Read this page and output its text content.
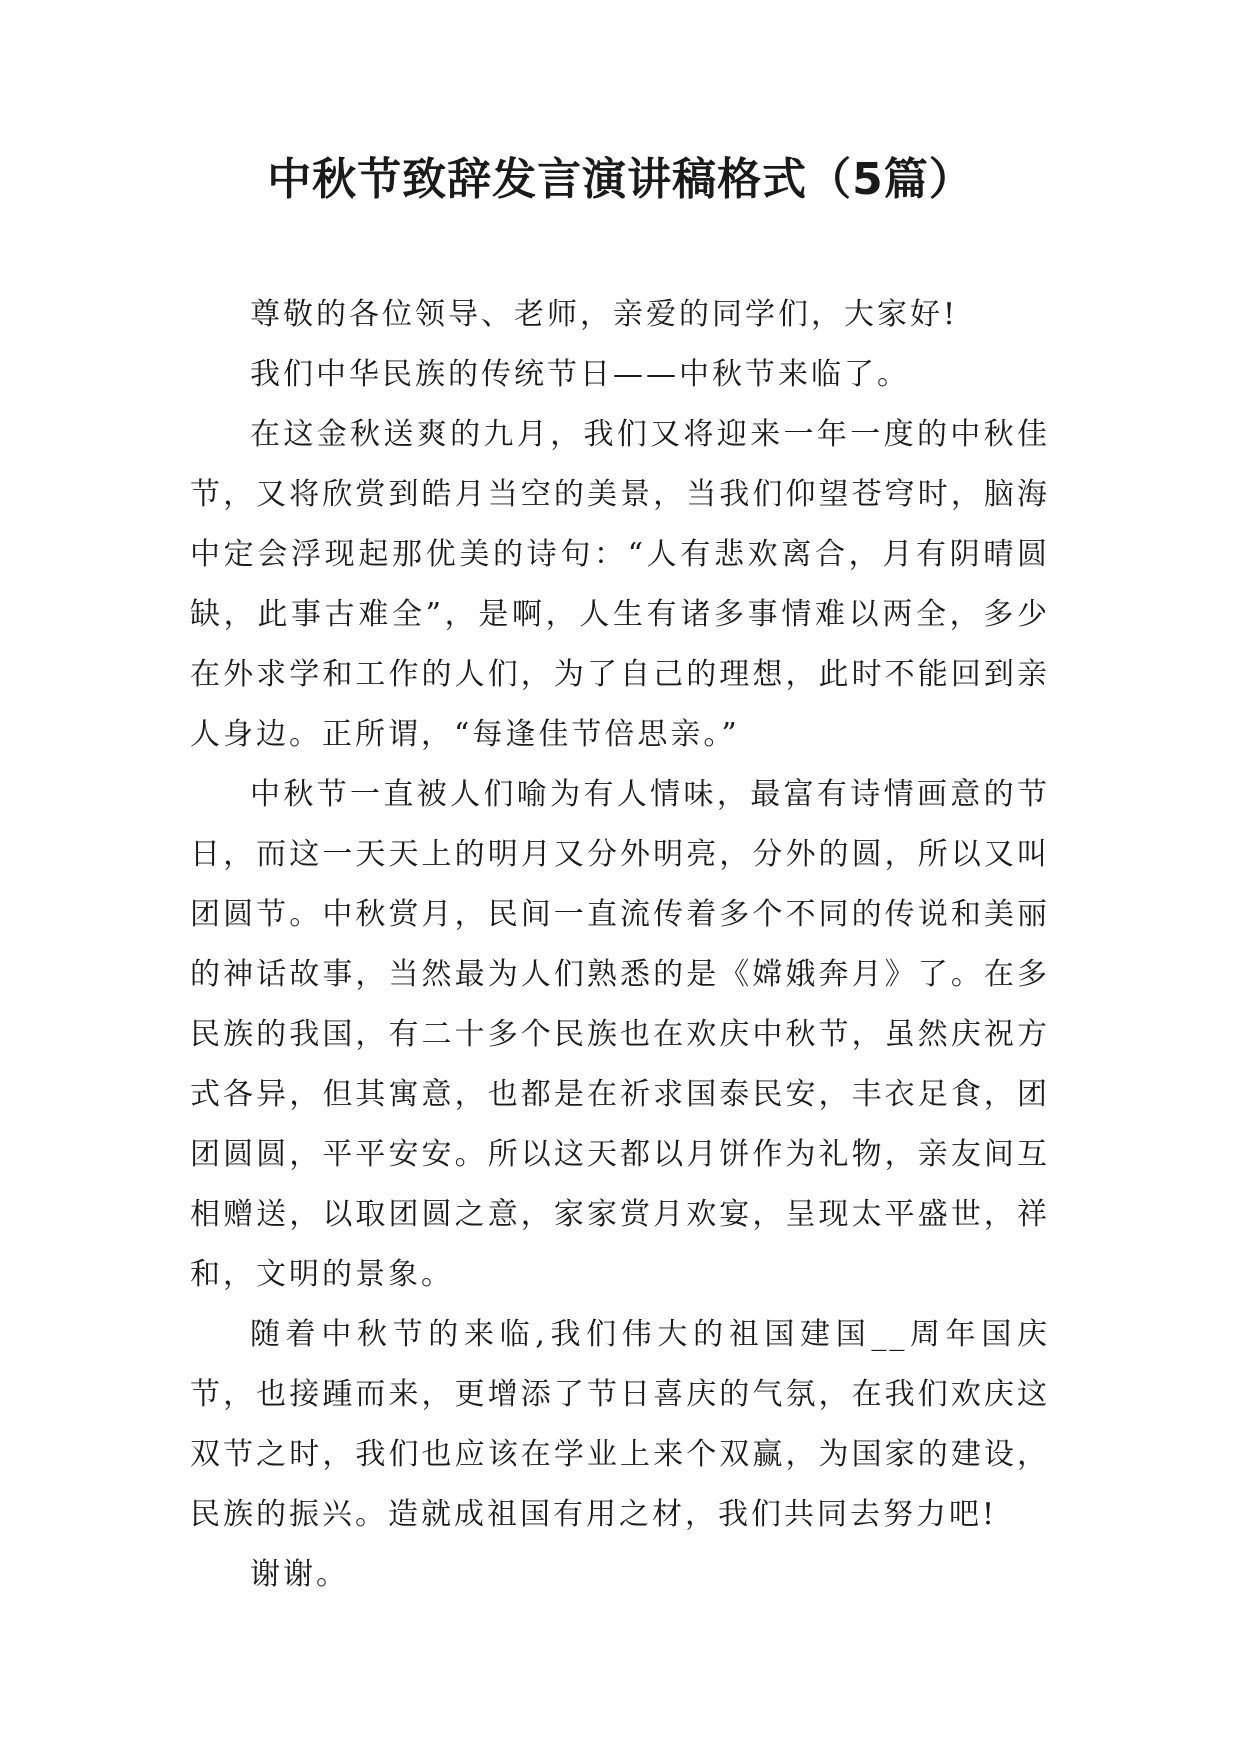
中秋节致辞发言演讲稿格式（5篇）

尊敬的各位领导、老师，亲爱的同学们，大家好!

我们中华民族的传统节日——中秋节来临了。

在这金秋送爽的九月，我们又将迎来一年一度的中秋佳节，又将欣赏到皓月当空的美景，当我们仰望苍穹时，脑海中定会浮现起那优美的诗句：“人有悲欢离合，月有阴晴圆缺，此事古难全”，是啊，人生有诸多事情难以两全，多少在外求学和工作的人们，为了自己的理想，此时不能回到亲人身边。正所谓，“每逢佳节倍思亲。”

中秋节一直被人们喻为有人情味，最富有诗情画意的节日，而这一天天上的明月又分外明亮，分外的圆，所以又叫团圆节。中秋赏月，民间一直流传着多个不同的传说和美丽的神话故事，当然最为人们熟悉的是《嫦娥奔月》了。在多民族的我国，有二十多个民族也在欢庆中秋节，虽然庆祝方式各异，但其寓意，也都是在祈求国泰民安，丰衣足食，团团圆圆，平平安安。所以这天都以月饼作为礼物，亲友间互相赠送，以取团圆之意，家家赏月欢宴，呈现太平盛世，祥和，文明的景象。

随着中秋节的来临,我们伟大的祖国建国__周年国庆节，也接踵而来，更增添了节日喜庆的气氛，在我们欢庆这双节之时，我们也应该在学业上来个双赢，为国家的建设，民族的振兴。造就成祖国有用之材，我们共同去努力吧!

谢谢。
